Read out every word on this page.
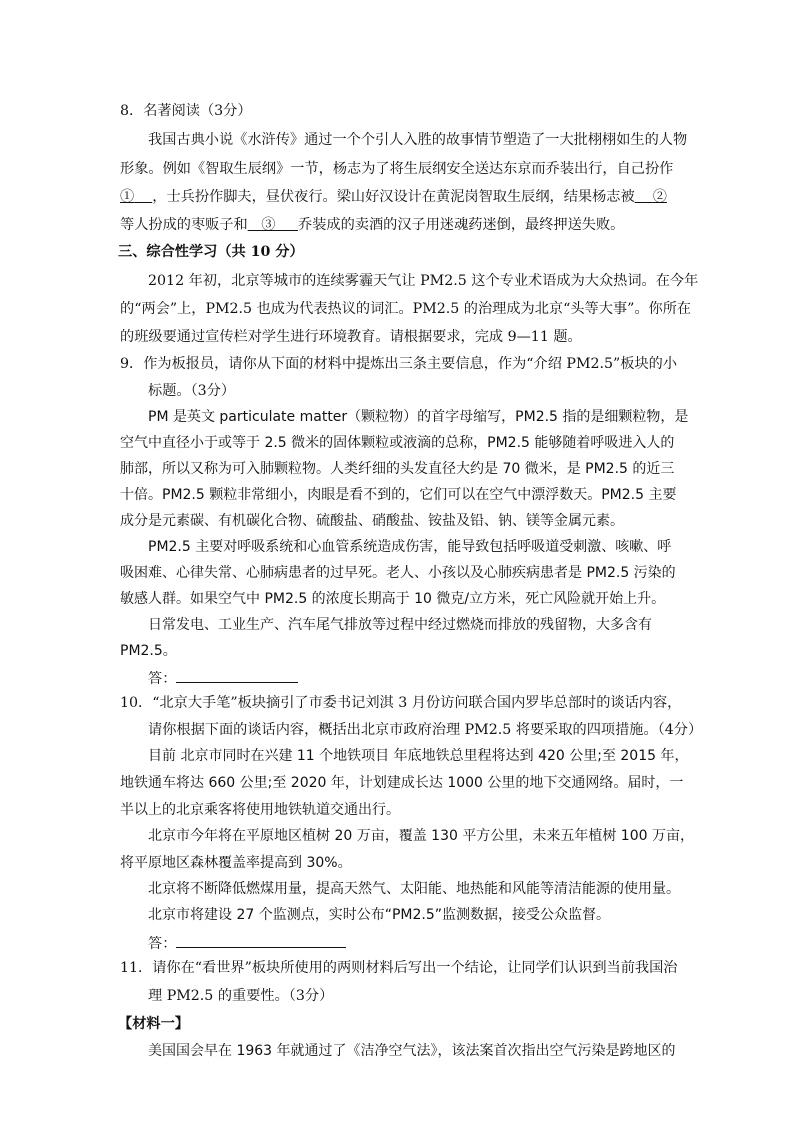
8．名著阅读（3分）
我国古典小说《水浒传》通过一个个引人入胜的故事情节塑造了一大批栩栩如生的人物
形象。例如《智取生辰纲》一节，杨志为了将生辰纲安全送达东京而乔装出行，自己扮作
① ，士兵扮作脚夫，昼伏夜行。梁山好汉设计在黄泥岗智取生辰纲，结果杨志被 ②
等人扮成的枣贩子和 ③ 乔装成的卖酒的汉子用迷魂药迷倒，最终押送失败。
三、综合性学习（共 10 分）
2012 年初，北京等城市的连续雾霾天气让 PM2.5 这个专业术语成为大众热词。在今年
的“两会”上，PM2.5 也成为代表热议的词汇。PM2.5 的治理成为北京“头等大事”。你所在
的班级要通过宣传栏对学生进行环境教育。请根据要求，完成 9—11 题。
9．作为板报员，请你从下面的材料中提炼出三条主要信息，作为“介绍 PM2.5”板块的小
标题。（3分）
PM 是英文 particulate matter（颗粒物）的首字母缩写，PM2.5 指的是细颗粒物，是
空气中直径小于或等于 2.5 微米的固体颗粒或液滴的总称，PM2.5 能够随着呼吸进入人的
肺部，所以又称为可入肺颗粒物。人类纤细的头发直径大约是 70 微米，是 PM2.5 的近三
十倍。PM2.5 颗粒非常细小，肉眼是看不到的，它们可以在空气中漂浮数天。PM2.5 主要
成分是元素碳、有机碳化合物、硫酸盐、硝酸盐、铵盐及铅、钠、镁等金属元素。
PM2.5 主要对呼吸系统和心血管系统造成伤害，能导致包括呼吸道受刺激、咳嗽、呼
吸困难、心律失常、心肺病患者的过早死。老人、小孩以及心肺疾病患者是 PM2.5 污染的
敏感人群。如果空气中 PM2.5 的浓度长期高于 10 微克/立方米，死亡风险就开始上升。
日常发电、工业生产、汽车尾气排放等过程中经过燃烧而排放的残留物，大多含有
PM2.5。
答：
10．“北京大手笔”板块摘引了市委书记刘淇 3 月份访问联合国内罗毕总部时的谈话内容，
请你根据下面的谈话内容，概括出北京市政府治理 PM2.5 将要采取的四项措施。（4分）
目前 北京市同时在兴建 11 个地铁项目 年底地铁总里程将达到 420 公里;至 2015 年，
地铁通车将达 660 公里;至 2020 年，计划建成长达 1000 公里的地下交通网络。届时，一
半以上的北京乘客将使用地铁轨道交通出行。
北京市今年将在平原地区植树 20 万亩，覆盖 130 平方公里，未来五年植树 100 万亩，
将平原地区森林覆盖率提高到 30%。
北京将不断降低燃煤用量，提高天然气、太阳能、地热能和风能等清洁能源的使用量。
北京市将建设 27 个监测点，实时公布“PM2.5”监测数据，接受公众监督。
答：
11．请你在“看世界”板块所使用的两则材料后写出一个结论，让同学们认识到当前我国治
理 PM2.5 的重要性。（3分）
【材料一】
美国国会早在 1963 年就通过了《洁净空气法》，该法案首次指出空气污染是跨地区的
